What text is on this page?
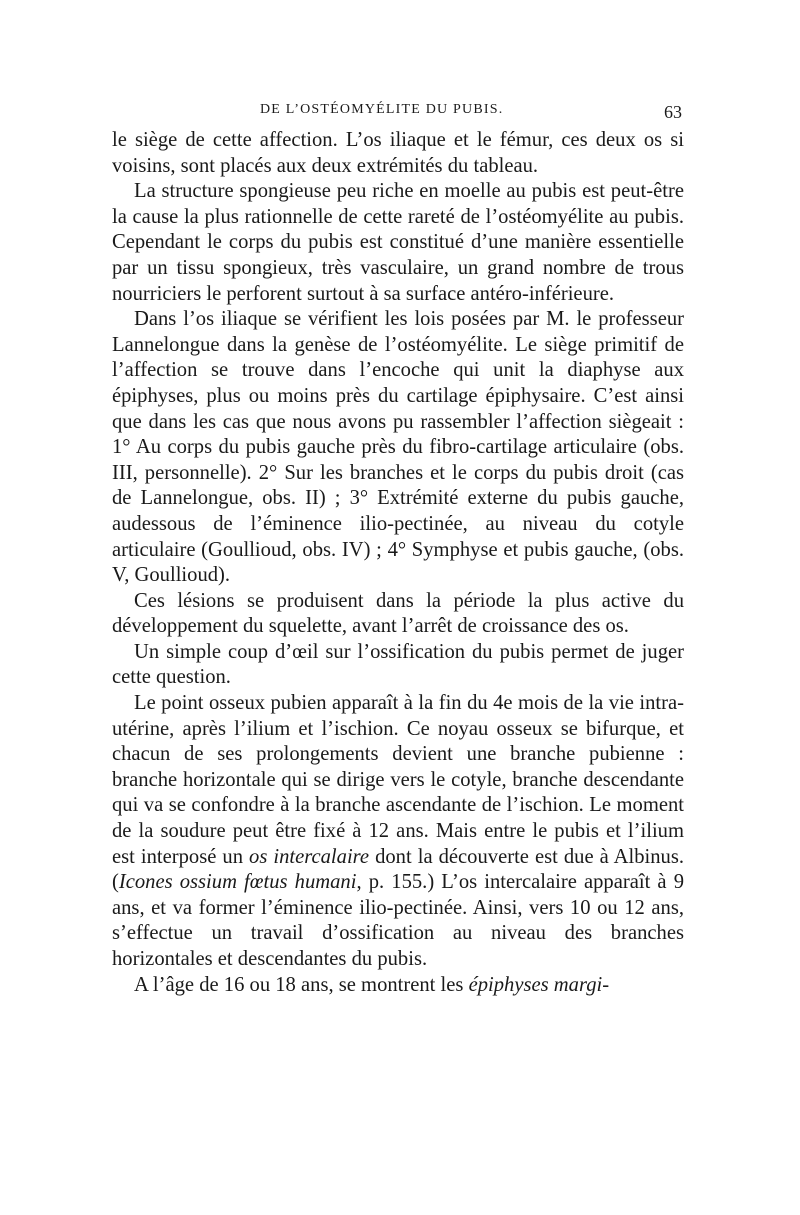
DE L’OSTÉOMYÉLITE DU PUBIS.	63

le siège de cette affection. L’os iliaque et le fémur, ces deux os si voisins, sont placés aux deux extrémités du tableau.

La structure spongieuse peu riche en moelle au pubis est peut-être la cause la plus rationnelle de cette rareté de l’ostéomyélite au pubis. Cependant le corps du pubis est constitué d’une manière essentielle par un tissu spongieux, très vasculaire, un grand nombre de trous nourriciers le perforent surtout à sa surface antéro-inférieure.

Dans l’os iliaque se vérifient les lois posées par M. le professeur Lannelongue dans la genèse de l’ostéomyélite. Le siège primitif de l’affection se trouve dans l’encoche qui unit la diaphyse aux épiphyses, plus ou moins près du cartilage épiphysaire. C’est ainsi que dans les cas que nous avons pu rassembler l’affection siègeait : 1° Au corps du pubis gauche près du fibro-cartilage articulaire (obs. III, personnelle). 2° Sur les branches et le corps du pubis droit (cas de Lannelongue, obs. II) ; 3° Extrémité externe du pubis gauche, audessous de l’éminence ilio-pectinée, au niveau du cotyle articulaire (Goullioud, obs. IV) ; 4° Symphyse et pubis gauche, (obs. V, Goullioud).

Ces lésions se produisent dans la période la plus active du développement du squelette, avant l’arrêt de croissance des os.

Un simple coup d’œil sur l’ossification du pubis permet de juger cette question.

Le point osseux pubien apparaît à la fin du 4e mois de la vie intra-utérine, après l’ilium et l’ischion. Ce noyau osseux se bifurque, et chacun de ses prolongements devient une branche pubienne : branche horizontale qui se dirige vers le cotyle, branche descendante qui va se confondre à la branche ascendante de l’ischion. Le moment de la soudure peut être fixé à 12 ans. Mais entre le pubis et l’ilium est interposé un os intercalaire dont la découverte est due à Albinus. (Icones ossium fœtus humani, p. 155.) L’os intercalaire apparaît à 9 ans, et va former l’éminence ilio-pectinée. Ainsi, vers 10 ou 12 ans, s’effectue un travail d’ossification au niveau des branches horizontales et descendantes du pubis.

A l’âge de 16 ou 18 ans, se montrent les épiphyses margi-
